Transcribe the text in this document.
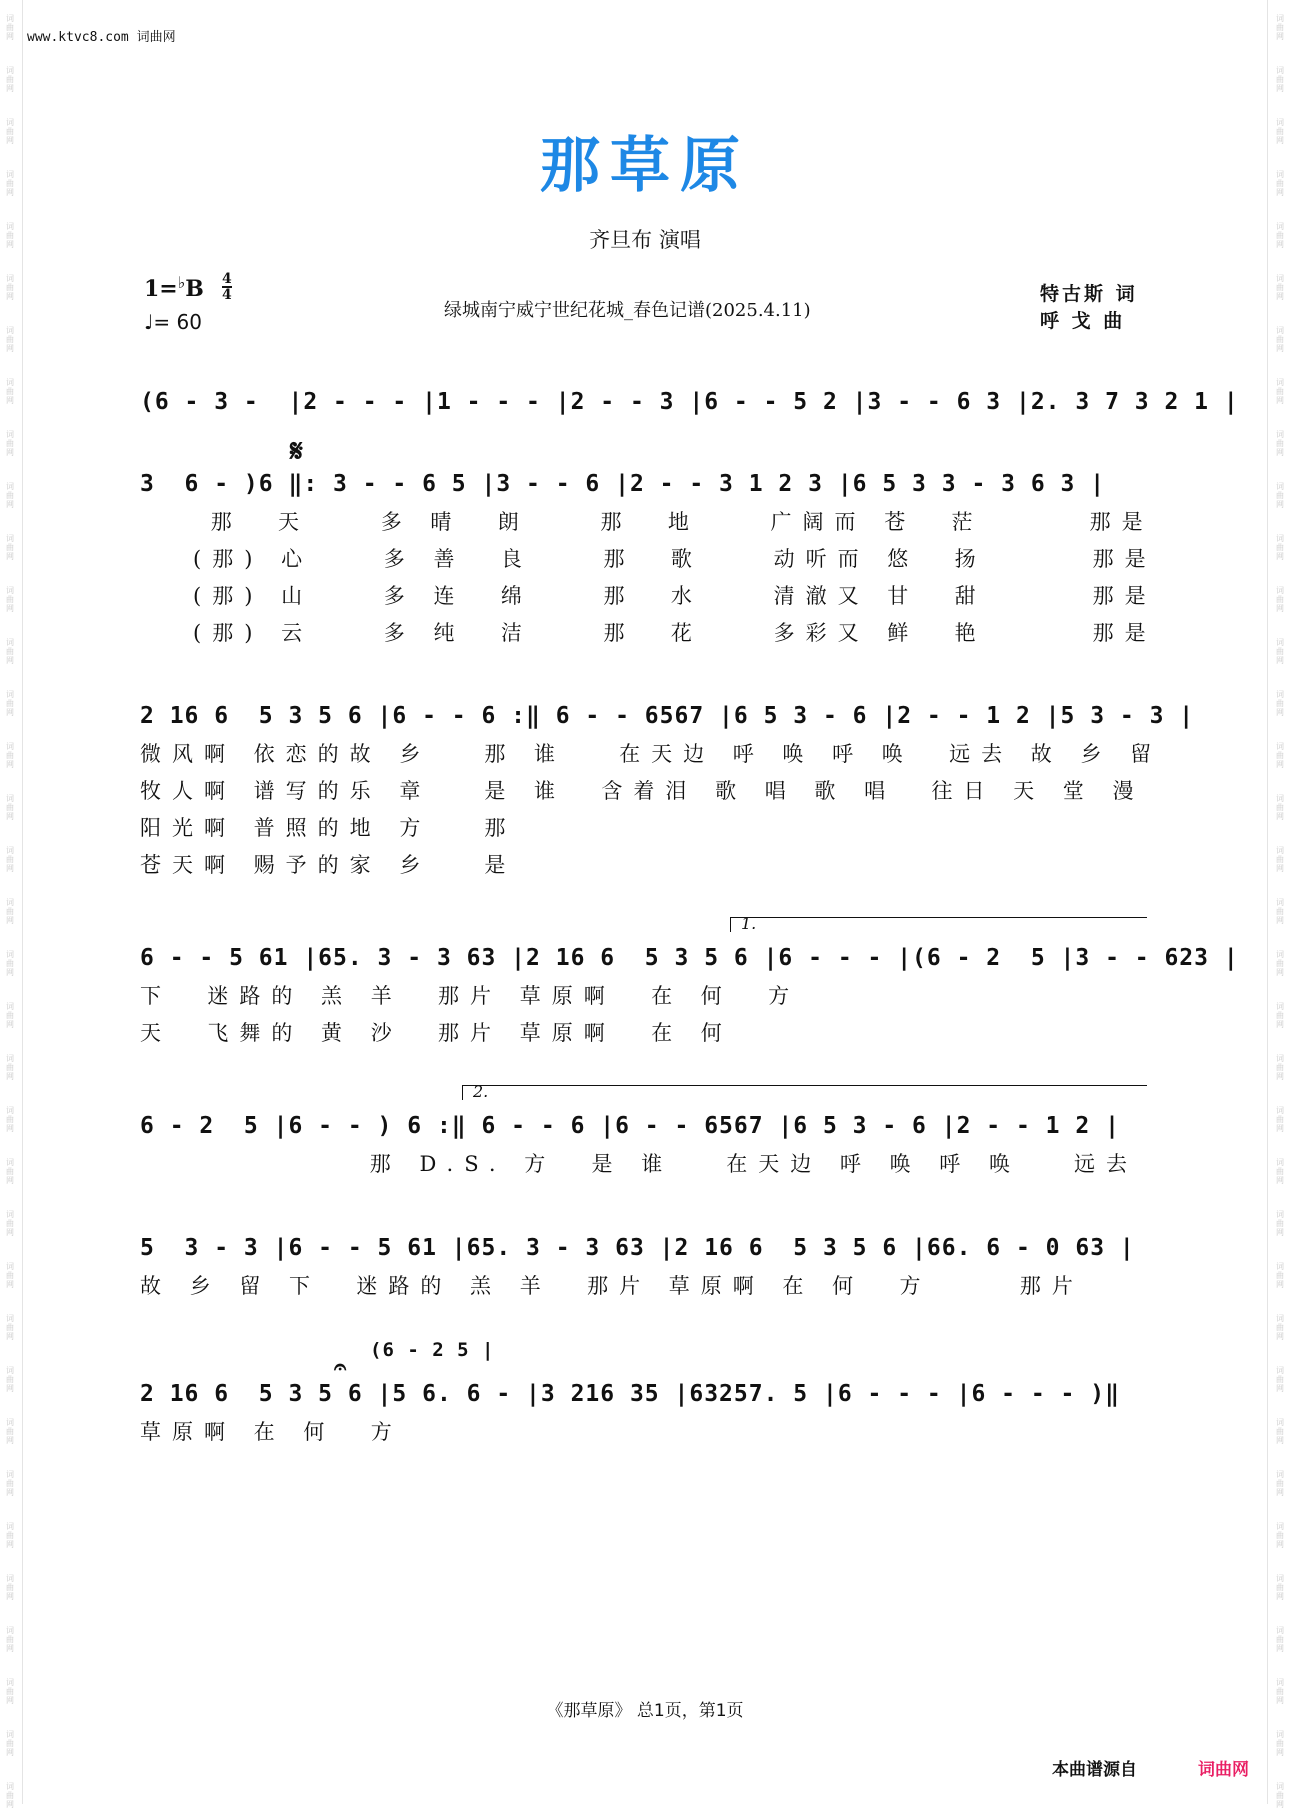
www.ktvc8.com 词曲网
那草原
齐旦布 演唱
1=♭B 4
4
♩= 60	绿城南宁威宁世纪花城_春色记谱(2025.4.11)
特古斯 词
呼 戈 曲
(6 - 3 -  |2 - - - |1 - - - |2 - - 3 |6 - - 5 2 |3 - - 6 3 |2. 3 7 3 2 1 |
𝄋
3  6 - )6 ‖: 3 - - 6 5 |3 - - 6 |2 - - 3 1 2 3 |6 5 3 3 - 3 6 3 |
那  天    多 晴  朗    那  地    广阔而 苍  茫      那是
(那) 心    多 善  良    那  歌    动听而 悠  扬      那是
(那) 山    多 连  绵    那  水    清澈又 甘  甜      那是
(那) 云    多 纯  洁    那  花    多彩又 鲜  艳      那是
2 16 6  5 3 5 6 |6 - - 6 :‖ 6 - - 6567 |6 5 3 - 6 |2 - - 1 2 |5 3 - 3 |
微风啊 依恋的故 乡   那 谁   在天边 呼 唤 呼 唤  远去 故 乡 留
牧人啊 谱写的乐 章   是 谁  含着泪 歌 唱 歌 唱  往日 天 堂 漫
阳光啊 普照的地 方   那
苍天啊 赐予的家 乡   是
1.
6 - - 5 61 |65. 3 - 3 63 |2 16 6  5 3 5 6 |6 - - - |(6 - 2  5 |3 - - 623 |
下  迷路的 羔 羊  那片 草原啊  在 何  方
天  飞舞的 黄 沙  那片 草原啊  在 何
2.
6 - 2  5 |6 - - ) 6 :‖ 6 - - 6 |6 - - 6567 |6 5 3 - 6 |2 - - 1 2 |
那 D.S. 方  是 谁   在天边 呼 唤 呼 唤   远去
5  3 - 3 |6 - - 5 61 |65. 3 - 3 63 |2 16 6  5 3 5 6 |66. 6 - 0 63 |
故 乡 留 下  迷路的 羔 羊  那片 草原啊 在 何  方     那片
(6 - 2 5 |
𝄐
2 16 6  5 3 5 6 |5 6. 6 - |3 216 35 |63257. 5 |6 - - - |6 - - - )‖
草原啊 在 何  方
《那草原》 总1页，第1页
本曲谱源自	词曲网
词
曲
网
词
曲
网
词
曲
网
词
曲
网
词
曲
网
词
曲
网
词
曲
网
词
曲
网
词
曲
网
词
曲
网
词
曲
网
词
曲
网
词
曲
网
词
曲
网
词
曲
网
词
曲
网
词
曲
网
词
曲
网
词
曲
网
词
曲
网
词
曲
网
词
曲
网
词
曲
网
词
曲
网
词
曲
网
词
曲
网
词
曲
网
词
曲
网
词
曲
网
词
曲
网
词
曲
网
词
曲
网
词
曲
网
词
曲
网
词
曲
网
词
曲
网
词
曲
网
词
曲
网
词
曲
网
词
曲
网
词
曲
网
词
曲
网
词
曲
网
词
曲
网
词
曲
网
词
曲
网
词
曲
网
词
曲
网
词
曲
网
词
曲
网
词
曲
网
词
曲
网
词
曲
网
词
曲
网
词
曲
网
词
曲
网
词
曲
网
词
曲
网
词
曲
网
词
曲
网
词
曲
网
词
曲
网
词
曲
网
词
曲
网
词
曲
网
词
曲
网
词
曲
网
词
曲
网
词
曲
网
词
曲
网
